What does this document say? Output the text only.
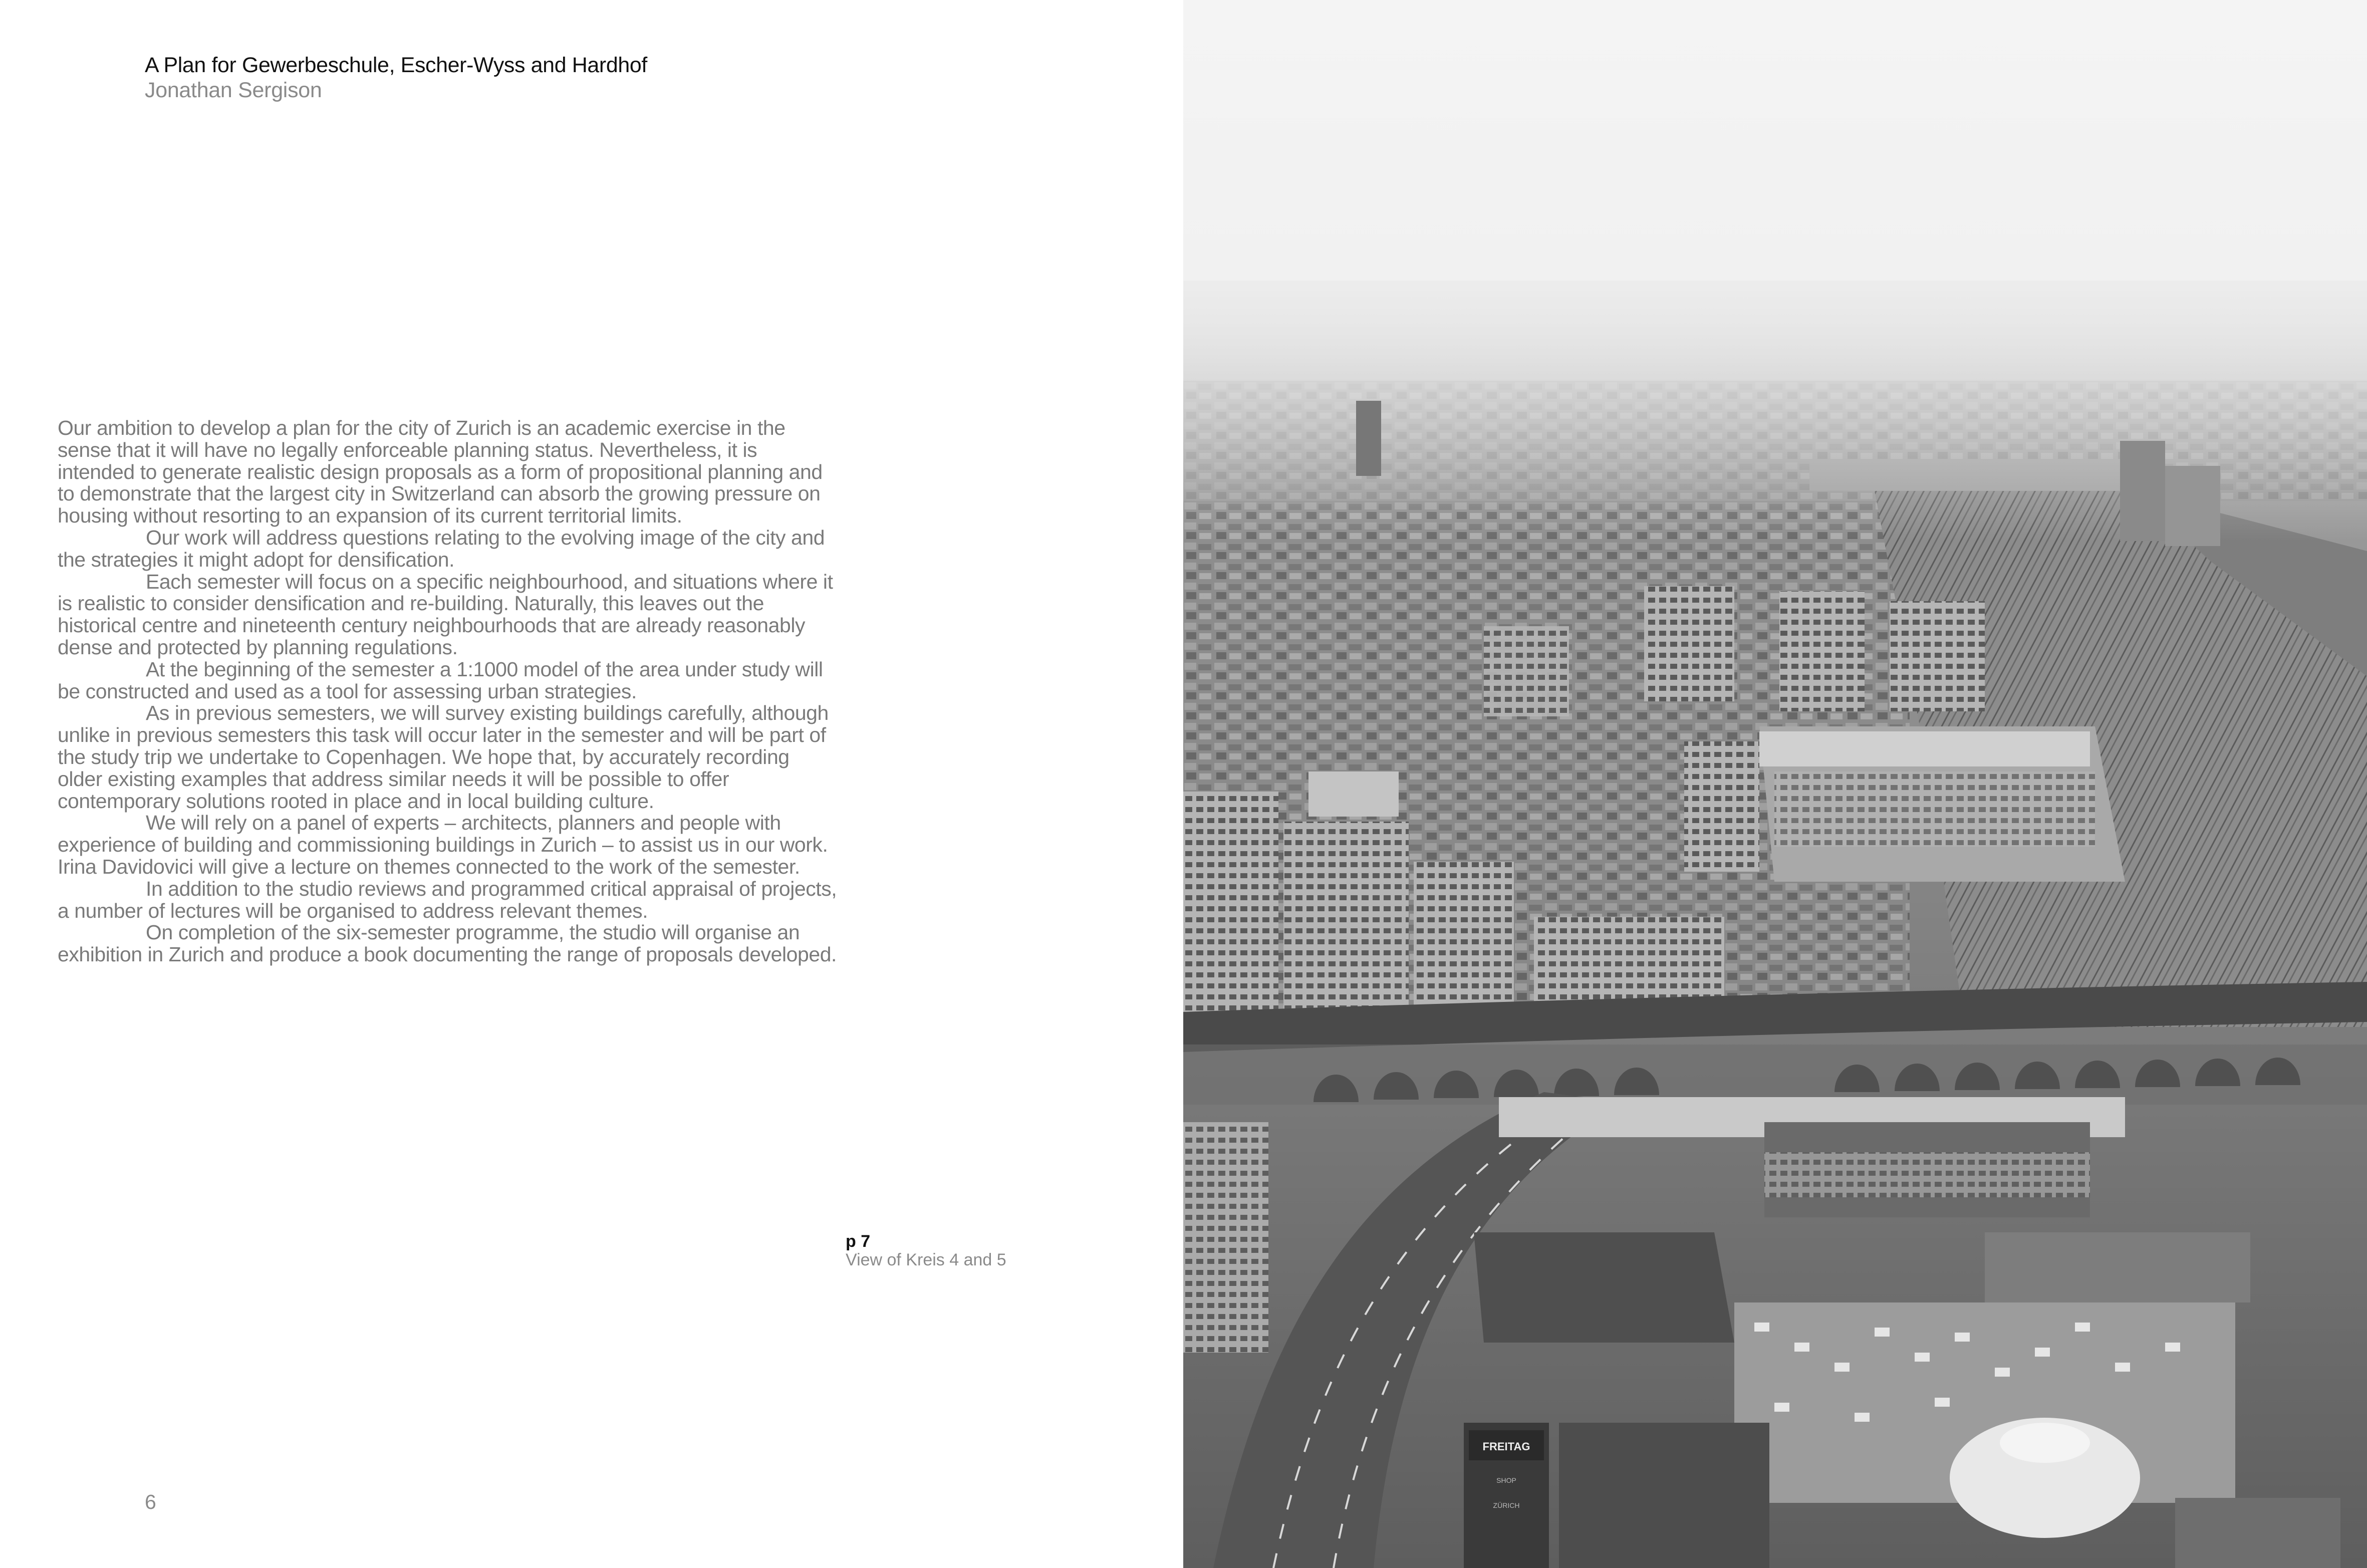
A Plan for Gewerbeschule, Escher-Wyss and Hardhof
Jonathan Sergison

Our ambition to develop a plan for the city of Zurich is an academic exercise in the sense that it will have no legally enforceable planning status. Nevertheless, it is intended to generate realistic design proposals as a form of propositional planning and to demonstrate that the largest city in Switzerland can absorb the growing pressure on housing without resorting to an expansion of its current territorial limits.

Our work will address questions relating to the evolving image of the city and the strategies it might adopt for densification.

Each semester will focus on a specific neighbourhood, and situations where it is realistic to consider densification and re-building. Naturally, this leaves out the historical centre and nineteenth century neighbourhoods that are already reasonably dense and protected by planning regulations.

At the beginning of the semester a 1:1000 model of the area under study will be constructed and used as a tool for assessing urban strategies.

As in previous semesters, we will survey existing buildings carefully, although unlike in previous semesters this task will occur later in the semester and will be part of the study trip we undertake to Copenhagen. We hope that, by accurately recording older existing examples that address similar needs it will be possible to offer contemporary solutions rooted in place and in local building culture.

We will rely on a panel of experts – architects, planners and people with experience of building and commissioning buildings in Zurich – to assist us in our work. Irina Davidovici will give a lecture on themes connected to the work of the semester.

In addition to the studio reviews and programmed critical appraisal of projects, a number of lectures will be organised to address relevant themes.

On completion of the six-semester programme, the studio will organise an exhibition in Zurich and produce a book documenting the range of proposals developed.

p 7
View of Kreis 4 and 5
6
FREITAG
SHOP
ZÜRICH
